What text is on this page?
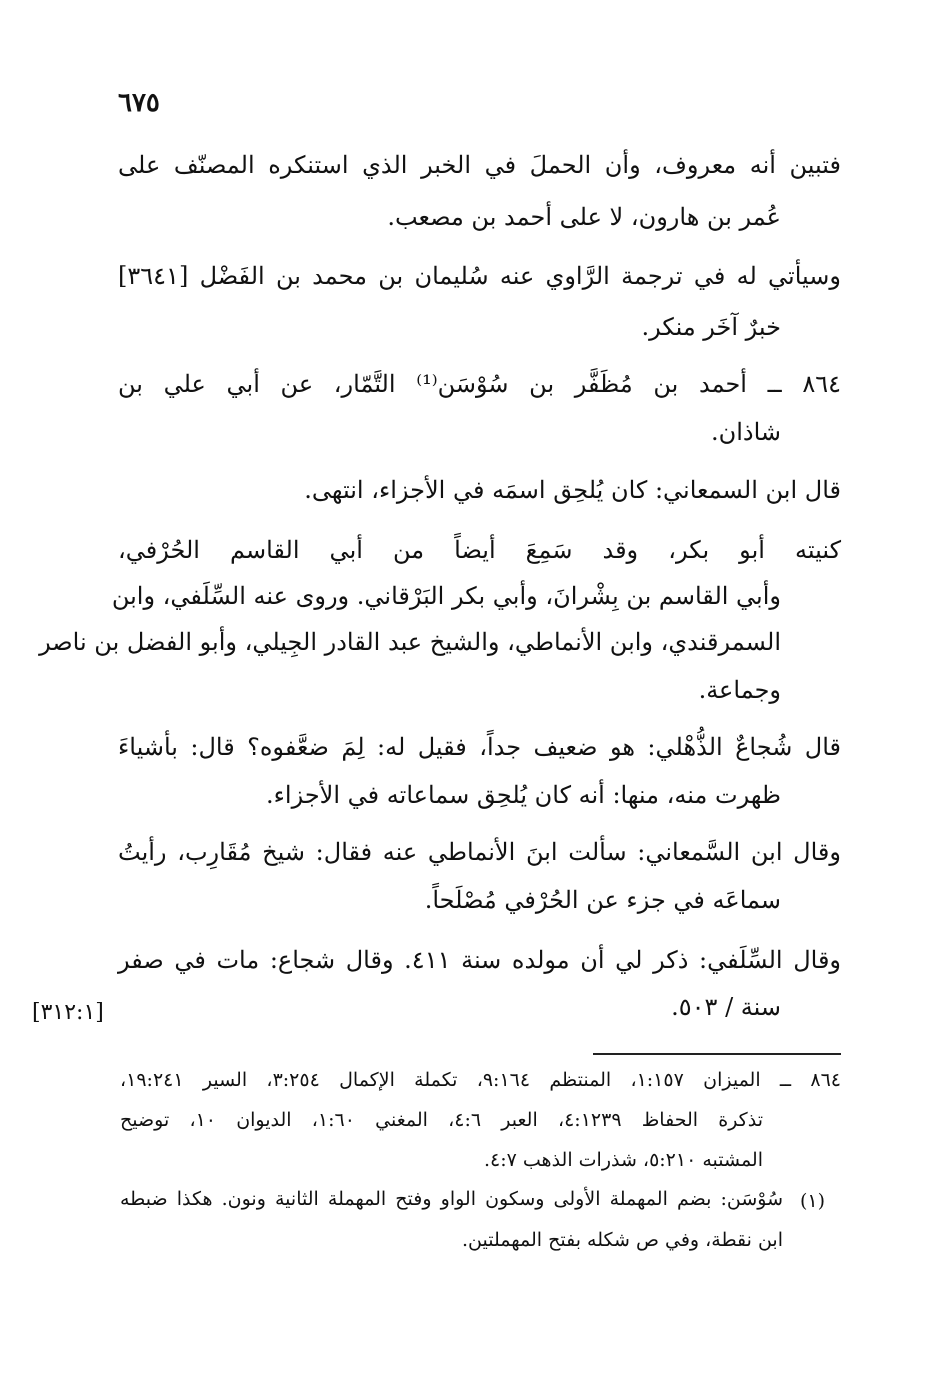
٦٧٥
فتبين أنه معروف، وأن الحملَ في الخبر الذي استنكره المصنّف على
عُمر بن هارون، لا على أحمد بن مصعب.
وسيأتي له في ترجمة الرَّاوي عنه سُليمان بن محمد بن الفَضْل [٣٦٤١]
خبرٌ آخَر منكر.
٨٦٤ ــ أحمد بن مُظَفَّر بن سُوْسَن⁽¹⁾ التَّمّار، عن أبي علي بن
شاذان.
قال ابن السمعاني: كان يُلحِق اسمَه في الأجزاء، انتهى.
كنيته أبو بكر، وقد سَمِعَ أيضاً من أبي القاسم الحُرْفي،
وأبي القاسم بن بِشْرانَ، وأبي بكر البَرْقاني. وروى عنه السِّلَفي، وابن
السمرقندي، وابن الأنماطي، والشيخ عبد القادر الجِيلي، وأبو الفضل بن ناصر
وجماعة.
قال شُجاعٌ الذُّهْلي: هو ضعيف جداً، فقيل له: لِمَ ضعَّفوه؟ قال: بأشياءَ
ظهرت منه، منها: أنه كان يُلحِق سماعاته في الأجزاء.
وقال ابن السَّمعاني: سألت ابنَ الأنماطي عنه فقال: شيخ مُقَارِب، رأيتُ
سماعَه في جزء عن الحُرْفي مُصْلَحاً.
وقال السِّلَفي: ذكر لي أن مولده سنة ٤١١. وقال شجاع: مات في صفر
سنة / ٥٠٣.
[٣١٢:١]
٨٦٤ ــ الميزان ١:١٥٧، المنتظم ٩:١٦٤، تكملة الإكمال ٣:٢٥٤، السير ١٩:٢٤١،
تذكرة الحفاظ ٤:١٢٣٩، العبر ٤:٦، المغني ١:٦٠، الديوان ١٠، توضيح
المشتبه ٥:٢١٠، شذرات الذهب ٤:٧.
(١)
سُوْسَن: بضم المهملة الأولى وسكون الواو وفتح المهملة الثانية ونون. هكذا ضبطه
ابن نقطة، وفي ص شكله بفتح المهملتين.
